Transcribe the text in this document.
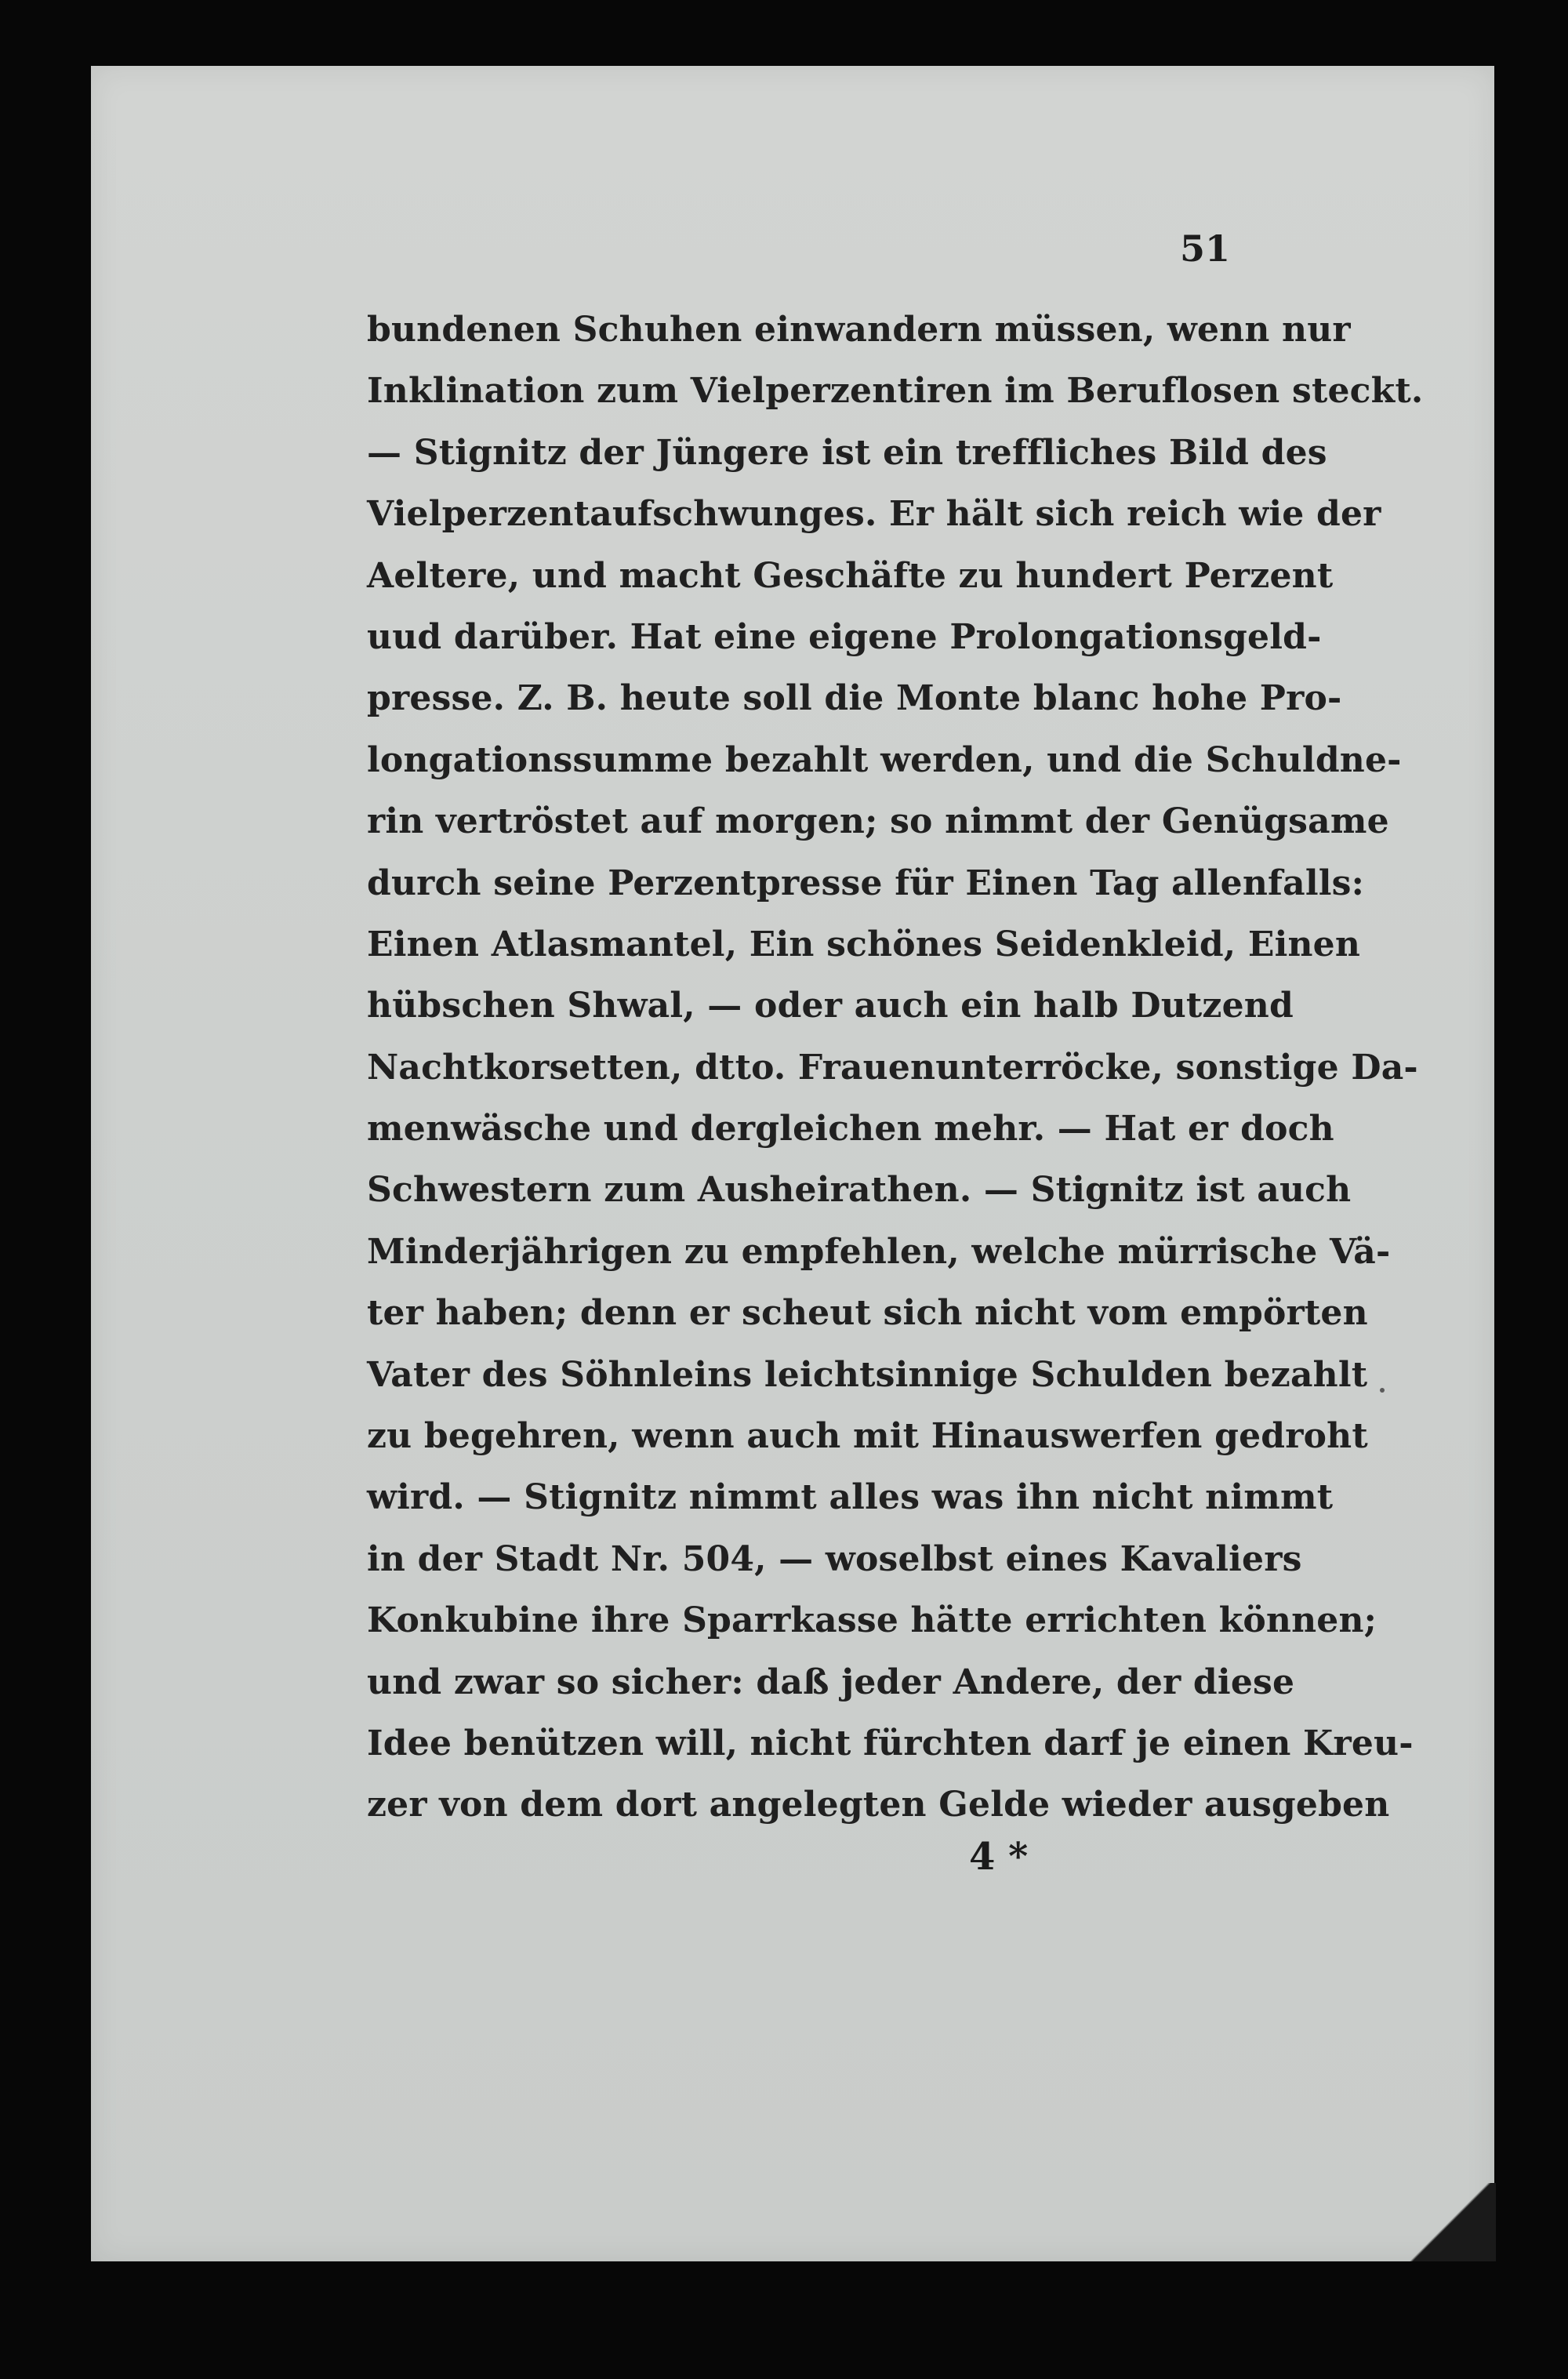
51
bundenen Schuhen einwandern müssen, wenn nur
Inklination zum Vielperzentiren im Beruflosen steckt.
— Stignitz der Jüngere ist ein treffliches Bild des
Vielperzentaufschwunges. Er hält sich reich wie der
Aeltere, und macht Geschäfte zu hundert Perzent
uud darüber. Hat eine eigene Prolongationsgeld-
presse. Z. B. heute soll die Monte blanc hohe Pro-
longationssumme bezahlt werden, und die Schuldne-
rin vertröstet auf morgen; so nimmt der Genügsame
durch seine Perzentpresse für Einen Tag allenfalls:
Einen Atlasmantel, Ein schönes Seidenkleid, Einen
hübschen Shwal, — oder auch ein halb Dutzend
Nachtkorsetten, dtto. Frauenunterröcke, sonstige Da-
menwäsche und dergleichen mehr. — Hat er doch
Schwestern zum Ausheirathen. — Stignitz ist auch
Minderjährigen zu empfehlen, welche mürrische Vä-
ter haben; denn er scheut sich nicht vom empörten
Vater des Söhnleins leichtsinnige Schulden bezahlt
zu begehren, wenn auch mit Hinauswerfen gedroht
wird. — Stignitz nimmt alles was ihn nicht nimmt
in der Stadt Nr. 504, — woselbst eines Kavaliers
Konkubine ihre Sparrkasse hätte errichten können;
und zwar so sicher: daß jeder Andere, der diese
Idee benützen will, nicht fürchten darf je einen Kreu-
zer von dem dort angelegten Gelde wieder ausgeben
4 *
